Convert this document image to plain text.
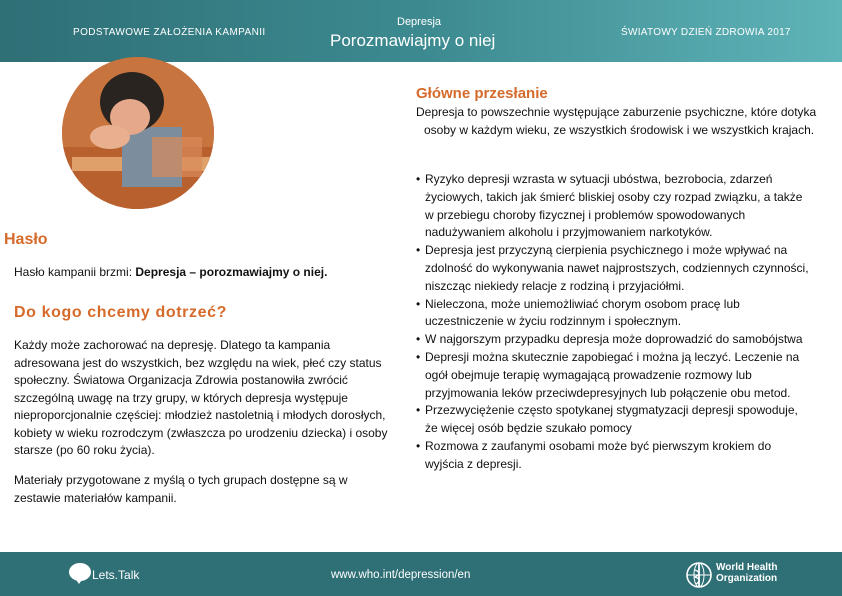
PODSTAWOWE ZAŁOŻENIA KAMPANII
Depresja
Porozmawiajmy o niej	ŚWIATOWY DZIEŃ ZDROWIA 2017
Główne przesłanie
Depresja to powszechnie występujące zaburzenie psychiczne, które dotyka osoby w każdym wieku, ze wszystkich środowisk i we wszystkich krajach.
• Ryzyko depresji wzrasta w sytuacji ubóstwa, bezrobocia, zdarzeń życiowych, takich jak śmierć bliskiej osoby czy rozpad związku, a także w przebiegu choroby fizycznej i problemów spowodowanych nadużywaniem alkoholu i przyjmowaniem narkotyków.
• Depresja jest przyczyną cierpienia psychicznego i może wpływać na zdolność do wykonywania nawet najprostszych, codziennych czynności, niszcząc niekiedy relacje z rodziną i przyjaciółmi.
• Nieleczona, może uniemożliwiać chorym osobom pracę lub uczestniczenie w życiu rodzinnym i społecznym.
• W najgorszym przypadku depresja może doprowadzić do samobójstwa
• Depresji można skutecznie zapobiegać i można ją leczyć. Leczenie na ogół obejmuje terapię wymagającą prowadzenie rozmowy lub przyjmowania leków przeciwdepresyjnych lub połączenie obu metod.
• Przezwyciężenie często spotykanej stygmatyzacji depresji spowoduje, że więcej osób będzie szukało pomocy
• Rozmowa z zaufanymi osobami może być pierwszym krokiem do wyjścia z depresji.
Hasło
Hasło kampanii brzmi: Depresja – porozmawiajmy o niej.
Do kogo chcemy dotrzeć?
Każdy może zachorować na depresję. Dlatego ta kampania adresowana jest do wszystkich, bez względu na wiek, płeć czy status społeczny. Światowa Organizacja Zdrowia postanowiła zwrócić szczególną uwagę na trzy grupy, w których depresja występuje nieproporcjonalnie częściej: młodzież nastoletnią i młodych dorosłych, kobiety w wieku rozrodczym (zwłaszcza po urodzeniu dziecka) i osoby starsze (po 60 roku życia).
Materiały przygotowane z myślą o tych grupach dostępne są w zestawie materiałów kampanii.
Lets.Talk	www.who.int/depression/en
World Health
Organization
